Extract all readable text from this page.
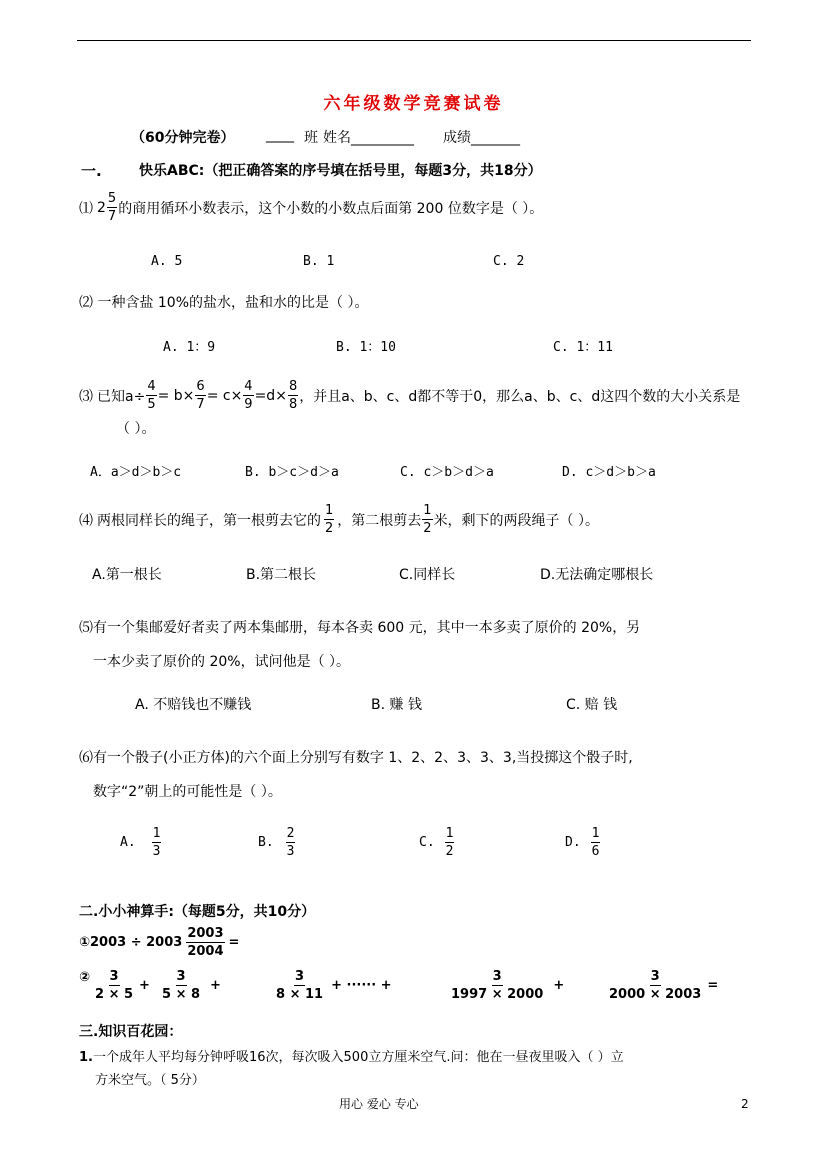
六年级数学竞赛试卷
（60分钟完卷） ____ 班 姓名_________ 成绩_______
一.	快乐ABC:（把正确答案的序号填在括号里，每题3分，共18分）
⑴ $2 \frac{5}{7}$ 的商用循环小数表示，这个小数的小数点后面第 200 位数字是（ ）。
A. 5	B. 1	C. 2
⑵ 一种含盐 10%的盐水，盐和水的比是（ ）。
A. 1：9	B. 1：10	C. 1：11
⑶ 已知$a\div \frac{4}{5} = b\times \frac{6}{7} = c\times \frac{4}{9} =d\times \frac{8}{8}$ ，并且a、b、c、d都不等于0，那么a、b、c、d这四个数的大小关系是
（ ）。
A．a＞d＞b＞c	B. b＞c＞d＞a	C. c＞b＞d＞a	D. c＞d＞b＞a
⑷ 两根同样长的绳子，第一根剪去它的 $\frac{1}{2}$ ，第二根剪去 $\frac{1}{2}$ 米，剩下的两段绳子（ ）。
A.第一根长	B.第二根长	C.同样长	D.无法确定哪根长
⑸有一个集邮爱好者卖了两本集邮册，每本各卖 600 元，其中一本多卖了原价的 20%，另
一本少卖了原价的 20%，试问他是（ ）。
A. 不赔钱也不赚钱	B. 赚 钱	C. 赔 钱
⑹有一个骰子(小正方体)的六个面上分别写有数字 1、2、2、3、3、3,当投掷这个骰子时,
数字“2”朝上的可能性是（ ）。
A. $\frac{1}{3}$	B. $\frac{2}{3}$	C. $\frac{1}{2}$	D. $\frac{1}{6}$
二.小小神算手:（每题5分，共10分）
① $2003 \div 2003 \frac{2003}{2004}$ =
② $\frac{3}{2 \times 5} + \frac{3}{5 \times 8}$ +	$\frac{3}{8 \times 11}$ + ······ +	$\frac{3}{1997 \times 2000}$ +	$\frac{3}{2000 \times 2003}$ =
三.知识百花园：
1.一个成年人平均每分钟呼吸16次，每次吸入500立方厘米空气.问：他在一昼夜里吸入（ ）立
方米空气。（ 5分）
用心 爱心 专心	2
